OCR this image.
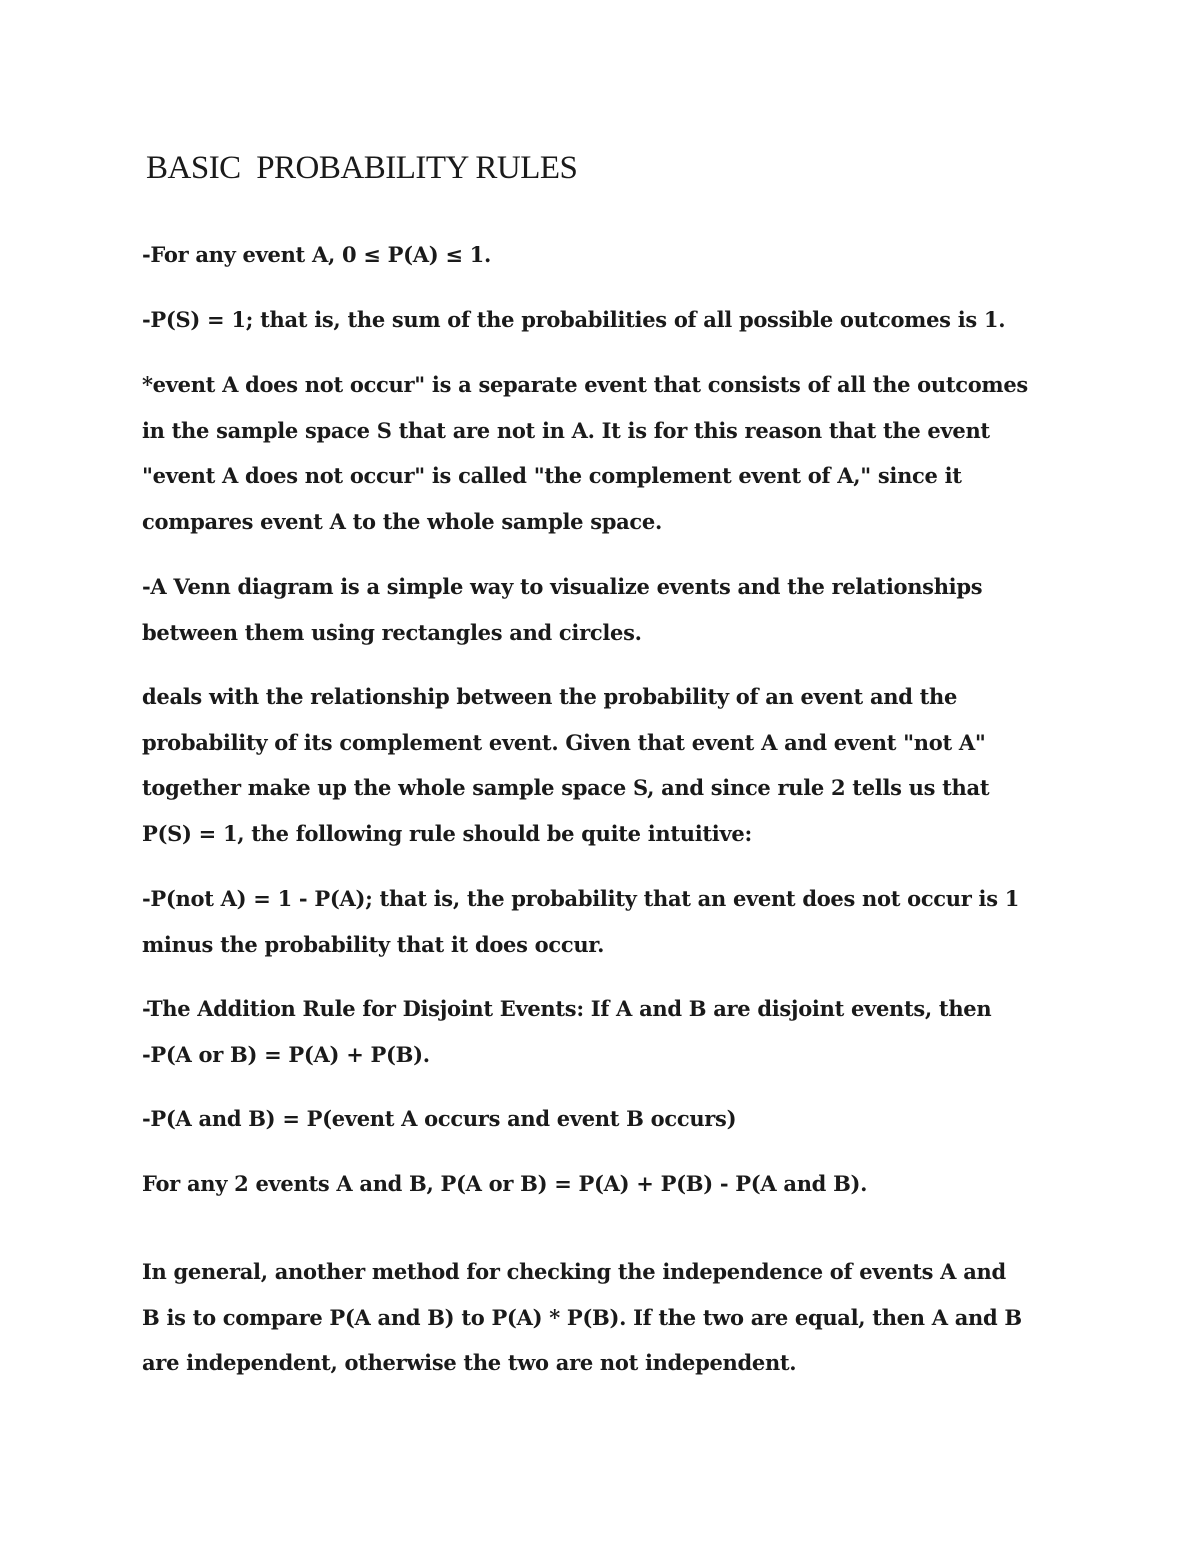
BASIC  PROBABILITY RULES

-For any event A, 0 ≤ P(A) ≤ 1.

-P(S) = 1; that is, the sum of the probabilities of all possible outcomes is 1.

*event A does not occur" is a separate event that consists of all the outcomes
in the sample space S that are not in A. It is for this reason that the event
"event A does not occur" is called "the complement event of A," since it
compares event A to the whole sample space.

-A Venn diagram is a simple way to visualize events and the relationships
between them using rectangles and circles.

deals with the relationship between the probability of an event and the
probability of its complement event. Given that event A and event "not A"
together make up the whole sample space S, and since rule 2 tells us that
P(S) = 1, the following rule should be quite intuitive:

-P(not A) = 1 - P(A); that is, the probability that an event does not occur is 1
minus the probability that it does occur.

-The Addition Rule for Disjoint Events: If A and B are disjoint events, then
-P(A or B) = P(A) + P(B).

-P(A and B) = P(event A occurs and event B occurs)

For any 2 events A and B, P(A or B) = P(A) + P(B) - P(A and B).

In general, another method for checking the independence of events A and
B is to compare P(A and B) to P(A) * P(B). If the two are equal, then A and B
are independent, otherwise the two are not independent.
